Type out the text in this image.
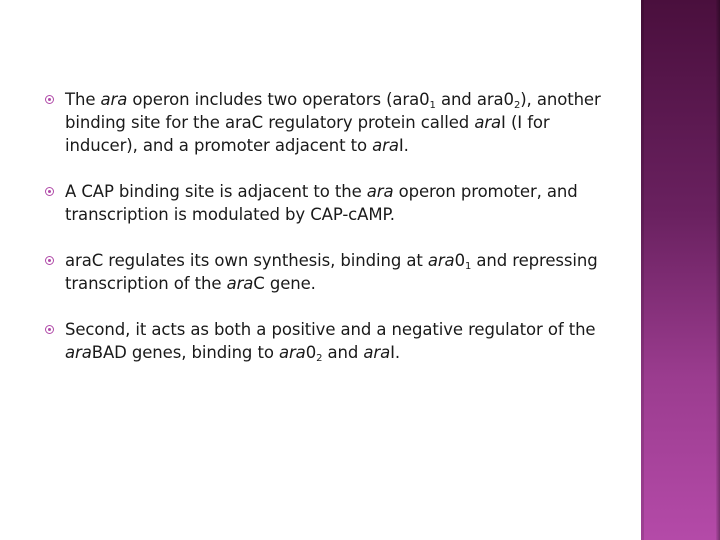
The ara operon includes two operators ($ara0_1$ and $ara0_2$), another
binding site for the araC regulatory protein called araI (I for
inducer), and a promoter adjacent to araI.
A CAP binding site is adjacent to the ara operon promoter, and
transcription is modulated by CAP-cAMP.
araC regulates its own synthesis, binding at $ara0_1$ and repressing
transcription of the araC gene.
Second, it acts as both a positive and a negative regulator of the
araBAD genes, binding to $ara0_2$ and araI.
